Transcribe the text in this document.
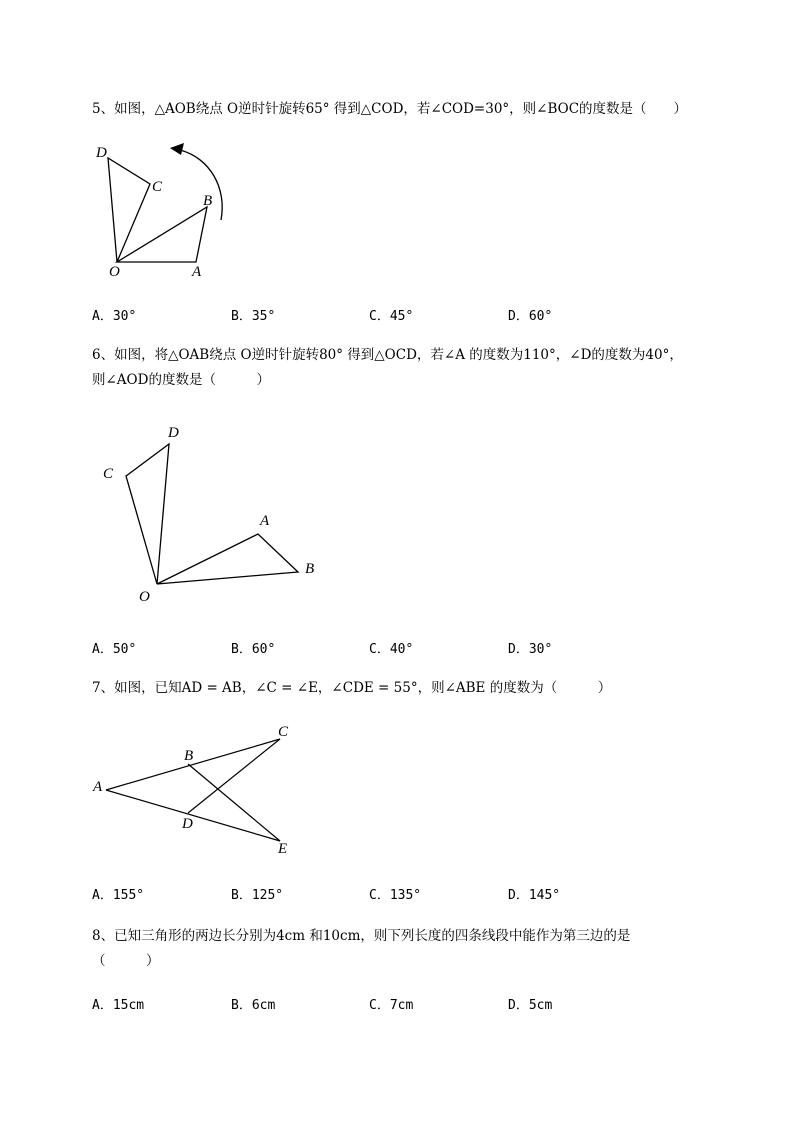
5、如图，△AOB绕点 O逆时针旋转65° 得到△COD，若∠COD=30°，则∠BOC的度数是（　　）
D
C
B
O	A
A．30°	B．35°	C．45°	D．60°
6、如图，将△OAB绕点 O逆时针旋转80° 得到△OCD，若∠A 的度数为110°，∠D的度数为40°，
则∠AOD的度数是（　　　）
D
C
A
B
O
A．50°	B．60°	C．40°	D．30°
7、如图，已知AD = AB，∠C = ∠E，∠CDE = 55°，则∠ABE 的度数为（　　　）
C
B
A
D
E
A．155°	B．125°	C．135°	D．145°
8、已知三角形的两边长分别为4cm 和10cm，则下列长度的四条线段中能作为第三边的是
（　　　）
A．15cm	B．6cm	C．7cm	D．5cm
